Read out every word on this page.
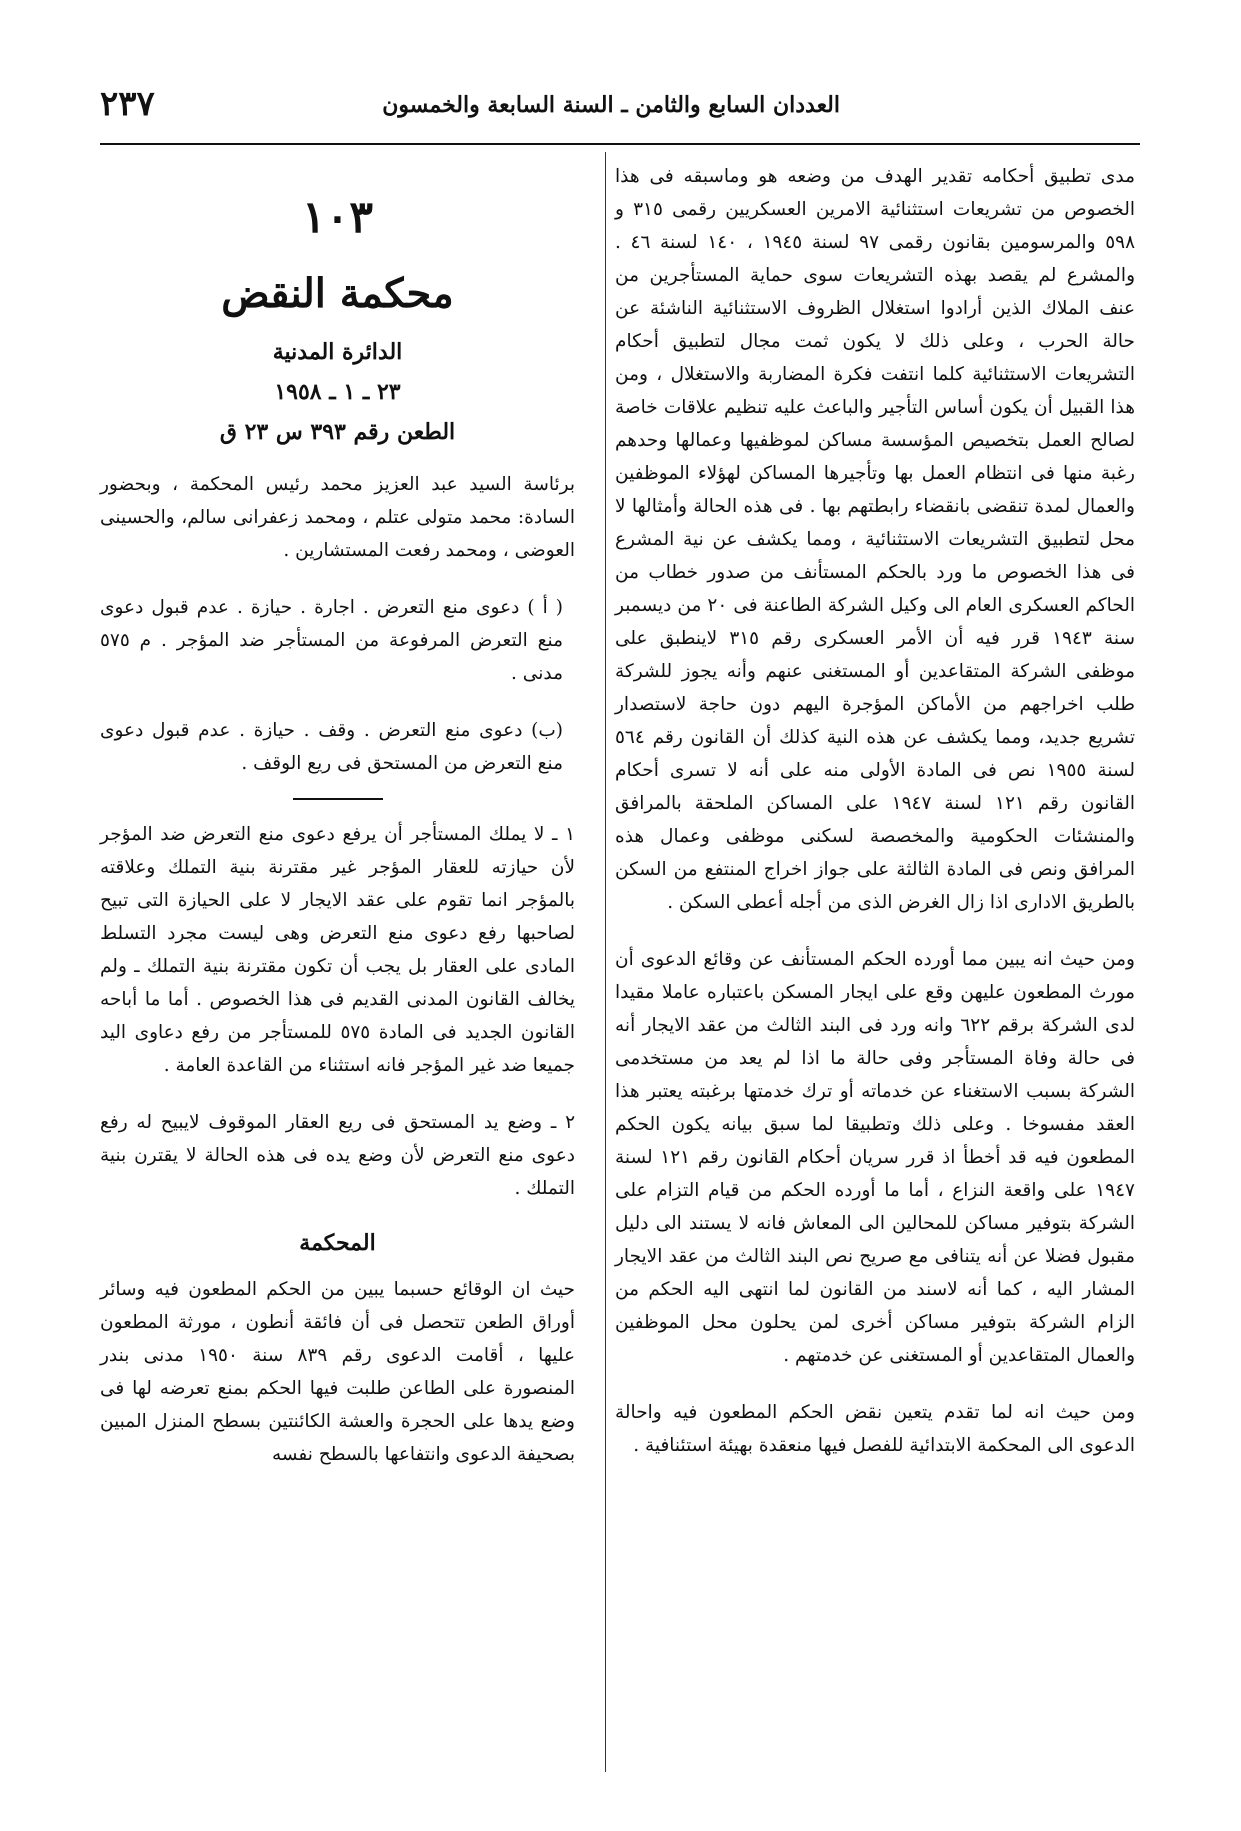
العددان السابع والثامن ـ السنة السابعة والخمسون
٢٣٧

مدى تطبيق أحكامه تقدير الهدف من وضعه هو وماسبقه فى هذا الخصوص من تشريعات استثنائية الامرين العسكريين رقمى ٣١٥ و ٥٩٨ والمرسومين بقانون رقمى ٩٧ لسنة ١٩٤٥ ، ١٤٠ لسنة ٤٦ . والمشرع لم يقصد بهذه التشريعات سوى حماية المستأجرين من عنف الملاك الذين أرادوا استغلال الظروف الاستثنائية الناشئة عن حالة الحرب ، وعلى ذلك لا يكون ثمت مجال لتطبيق أحكام التشريعات الاستثنائية كلما انتفت فكرة المضاربة والاستغلال ، ومن هذا القبيل أن يكون أساس التأجير والباعث عليه تنظيم علاقات خاصة لصالح العمل بتخصيص المؤسسة مساكن لموظفيها وعمالها وحدهم رغبة منها فى انتظام العمل بها وتأجيرها المساكن لهؤلاء الموظفين والعمال لمدة تنقضى بانقضاء رابطتهم بها . فى هذه الحالة وأمثالها لا محل لتطبيق التشريعات الاستثنائية ، ومما يكشف عن نية المشرع فى هذا الخصوص ما ورد بالحكم المستأنف من صدور خطاب من الحاكم العسكرى العام الى وكيل الشركة الطاعنة فى ٢٠ من ديسمبر سنة ١٩٤٣ قرر فيه أن الأمر العسكرى رقم ٣١٥ لاينطبق على موظفى الشركة المتقاعدين أو المستغنى عنهم وأنه يجوز للشركة طلب اخراجهم من الأماكن المؤجرة اليهم دون حاجة لاستصدار تشريع جديد، ومما يكشف عن هذه النية كذلك أن القانون رقم ٥٦٤ لسنة ١٩٥٥ نص فى المادة الأولى منه على أنه لا تسرى أحكام القانون رقم ١٢١ لسنة ١٩٤٧ على المساكن الملحقة بالمرافق والمنشئات الحكومية والمخصصة لسكنى موظفى وعمال هذه المرافق ونص فى المادة الثالثة على جواز اخراج المنتفع من السكن بالطريق الادارى اذا زال الغرض الذى من أجله أعطى السكن .

ومن حيث انه يبين مما أورده الحكم المستأنف عن وقائع الدعوى أن مورث المطعون عليهن وقع على ايجار المسكن باعتباره عاملا مقيدا لدى الشركة برقم ٦٢٢ وانه ورد فى البند الثالث من عقد الايجار أنه فى حالة وفاة المستأجر وفى حالة ما اذا لم يعد من مستخدمى الشركة بسبب الاستغناء عن خدماته أو ترك خدمتها برغبته يعتبر هذا العقد مفسوخا . وعلى ذلك وتطبيقا لما سبق بيانه يكون الحكم المطعون فيه قد أخطأ اذ قرر سريان أحكام القانون رقم ١٢١ لسنة ١٩٤٧ على واقعة النزاع ، أما ما أورده الحكم من قيام التزام على الشركة بتوفير مساكن للمحالين الى المعاش فانه لا يستند الى دليل مقبول فضلا عن أنه يتنافى مع صريح نص البند الثالث من عقد الايجار المشار اليه ، كما أنه لاسند من القانون لما انتهى اليه الحكم من الزام الشركة بتوفير مساكن أخرى لمن يحلون محل الموظفين والعمال المتقاعدين أو المستغنى عن خدمتهم .

ومن حيث انه لما تقدم يتعين نقض الحكم المطعون فيه واحالة الدعوى الى المحكمة الابتدائية للفصل فيها منعقدة بهيئة استئنافية .

١٠٣
محكمة النقض
الدائرة المدنية
٢٣ ـ ١ ـ ١٩٥٨
الطعن رقم ٣٩٣ س ٢٣ ق

برئاسة السيد عبد العزيز محمد رئيس المحكمة ، وبحضور السادة: محمد متولى عتلم ، ومحمد زعفرانى سالم، والحسينى العوضى ، ومحمد رفعت المستشارين .

( أ ) دعوى منع التعرض . اجارة . حيازة . عدم قبول دعوى منع التعرض المرفوعة من المستأجر ضد المؤجر . م ٥٧٥ مدنى .

(ب) دعوى منع التعرض . وقف . حيازة . عدم قبول دعوى منع التعرض من المستحق فى ريع الوقف .

١ ـ لا يملك المستأجر أن يرفع دعوى منع التعرض ضد المؤجر لأن حيازته للعقار المؤجر غير مقترنة بنية التملك وعلاقته بالمؤجر انما تقوم على عقد الايجار لا على الحيازة التى تبيح لصاحبها رفع دعوى منع التعرض وهى ليست مجرد التسلط المادى على العقار بل يجب أن تكون مقترنة بنية التملك ـ ولم يخالف القانون المدنى القديم فى هذا الخصوص . أما ما أباحه القانون الجديد فى المادة ٥٧٥ للمستأجر من رفع دعاوى اليد جميعا ضد غير المؤجر فانه استثناء من القاعدة العامة .

٢ ـ وضع يد المستحق فى ريع العقار الموقوف لايبيح له رفع دعوى منع التعرض لأن وضع يده فى هذه الحالة لا يقترن بنية التملك .

المحكمة

حيث ان الوقائع حسبما يبين من الحكم المطعون فيه وسائر أوراق الطعن تتحصل فى أن فائقة أنطون ، مورثة المطعون عليها ، أقامت الدعوى رقم ٨٣٩ سنة ١٩٥٠ مدنى بندر المنصورة على الطاعن طلبت فيها الحكم بمنع تعرضه لها فى وضع يدها على الحجرة والعشة الكائنتين بسطح المنزل المبين بصحيفة الدعوى وانتفاعها بالسطح نفسه
